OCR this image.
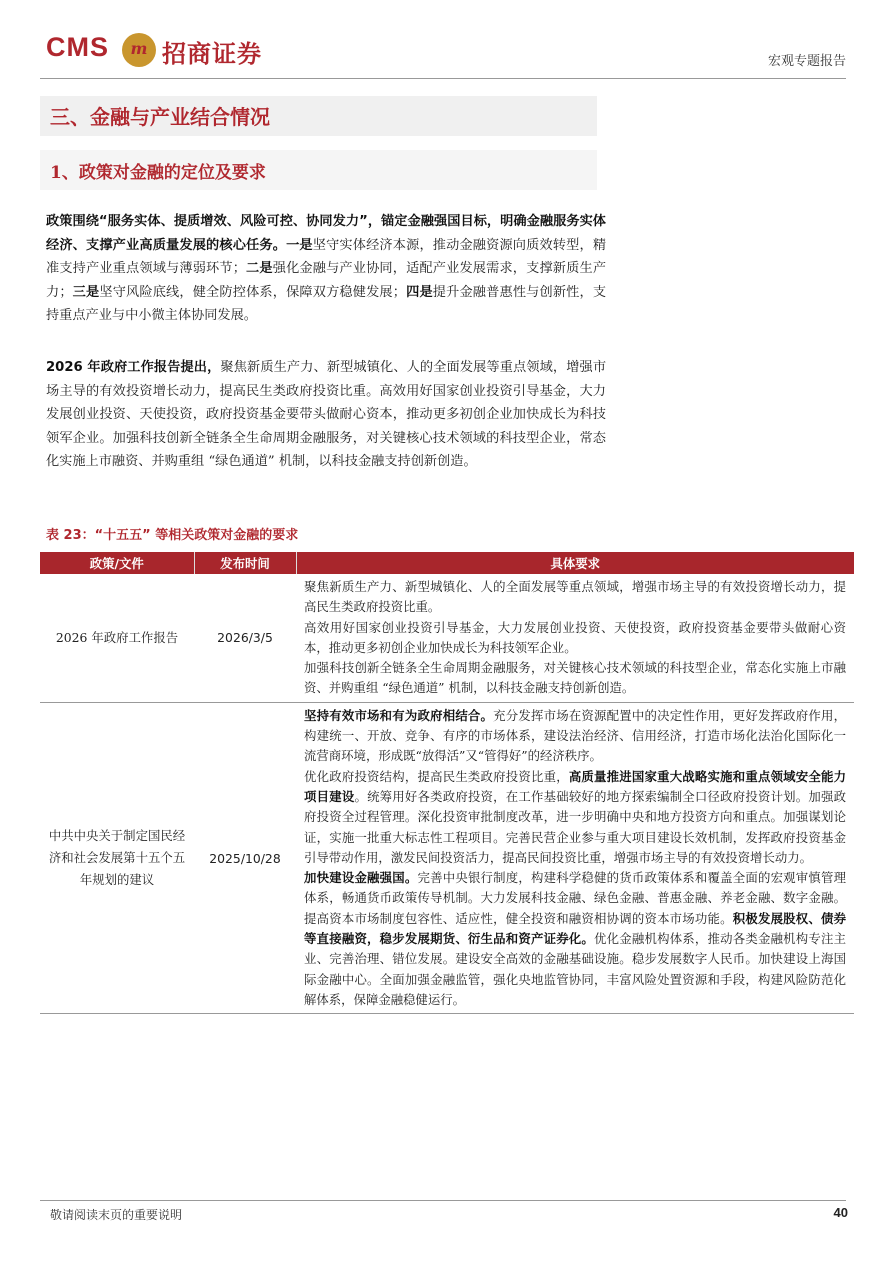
CMS	m 招商证券	宏观专题报告
三、金融与产业结合情况
1、政策对金融的定位及要求
政策围绕“服务实体、提质增效、风险可控、协同发力”，锚定金融强国目标，明确金融服务实体经济、支撑产业高质量发展的核心任务。一是坚守实体经济本源，推动金融资源向质效转型，精准支持产业重点领域与薄弱环节；二是强化金融与产业协同，适配产业发展需求，支撑新质生产力；三是坚守风险底线，健全防控体系，保障双方稳健发展；四是提升金融普惠性与创新性，支持重点产业与中小微主体协同发展。
2026 年政府工作报告提出，聚焦新质生产力、新型城镇化、人的全面发展等重点领域，增强市场主导的有效投资增长动力，提高民生类政府投资比重。高效用好国家创业投资引导基金，大力发展创业投资、天使投资，政府投资基金要带头做耐心资本，推动更多初创企业加快成长为科技领军企业。加强科技创新全链条全生命周期金融服务，对关键核心技术领域的科技型企业，常态化实施上市融资、并购重组 “绿色通道” 机制，以科技金融支持创新创造。
表 23：“十五五” 等相关政策对金融的要求
政策/文件	发布时间	具体要求
2026 年政府工作报告	2026/3/5	聚焦新质生产力、新型城镇化、人的全面发展等重点领域，增强市场主导的有效投资增长动力，提高民生类政府投资比重。
高效用好国家创业投资引导基金，大力发展创业投资、天使投资，政府投资基金要带头做耐心资本，推动更多初创企业加快成长为科技领军企业。
加强科技创新全链条全生命周期金融服务，对关键核心技术领域的科技型企业，常态化实施上市融资、并购重组 “绿色通道” 机制，以科技金融支持创新创造。

中共中央关于制定国民经济和社会发展第十五个五年规划的建议	2025/10/28	坚持有效市场和有为政府相结合。充分发挥市场在资源配置中的决定性作用，更好发挥政府作用，构建统一、开放、竞争、有序的市场体系，建设法治经济、信用经济，打造市场化法治化国际化一流营商环境，形成既“放得活”又“管得好”的经济秩序。
优化政府投资结构，提高民生类政府投资比重，高质量推进国家重大战略实施和重点领域安全能力项目建设。统筹用好各类政府投资，在工作基础较好的地方探索编制全口径政府投资计划。加强政府投资全过程管理。深化投资审批制度改革，进一步明确中央和地方投资方向和重点。加强谋划论证，实施一批重大标志性工程项目。完善民营企业参与重大项目建设长效机制，发挥政府投资基金引导带动作用，激发民间投资活力，提高民间投资比重，增强市场主导的有效投资增长动力。
加快建设金融强国。完善中央银行制度，构建科学稳健的货币政策体系和覆盖全面的宏观审慎管理体系，畅通货币政策传导机制。大力发展科技金融、绿色金融、普惠金融、养老金融、数字金融。提高资本市场制度包容性、适应性，健全投资和融资相协调的资本市场功能。积极发展股权、债券等直接融资，稳步发展期货、衍生品和资产证券化。优化金融机构体系，推动各类金融机构专注主业、完善治理、错位发展。建设安全高效的金融基础设施。稳步发展数字人民币。加快建设上海国际金融中心。全面加强金融监管，强化央地监管协同，丰富风险处置资源和手段，构建风险防范化解体系，保障金融稳健运行。
敬请阅读末页的重要说明	40
